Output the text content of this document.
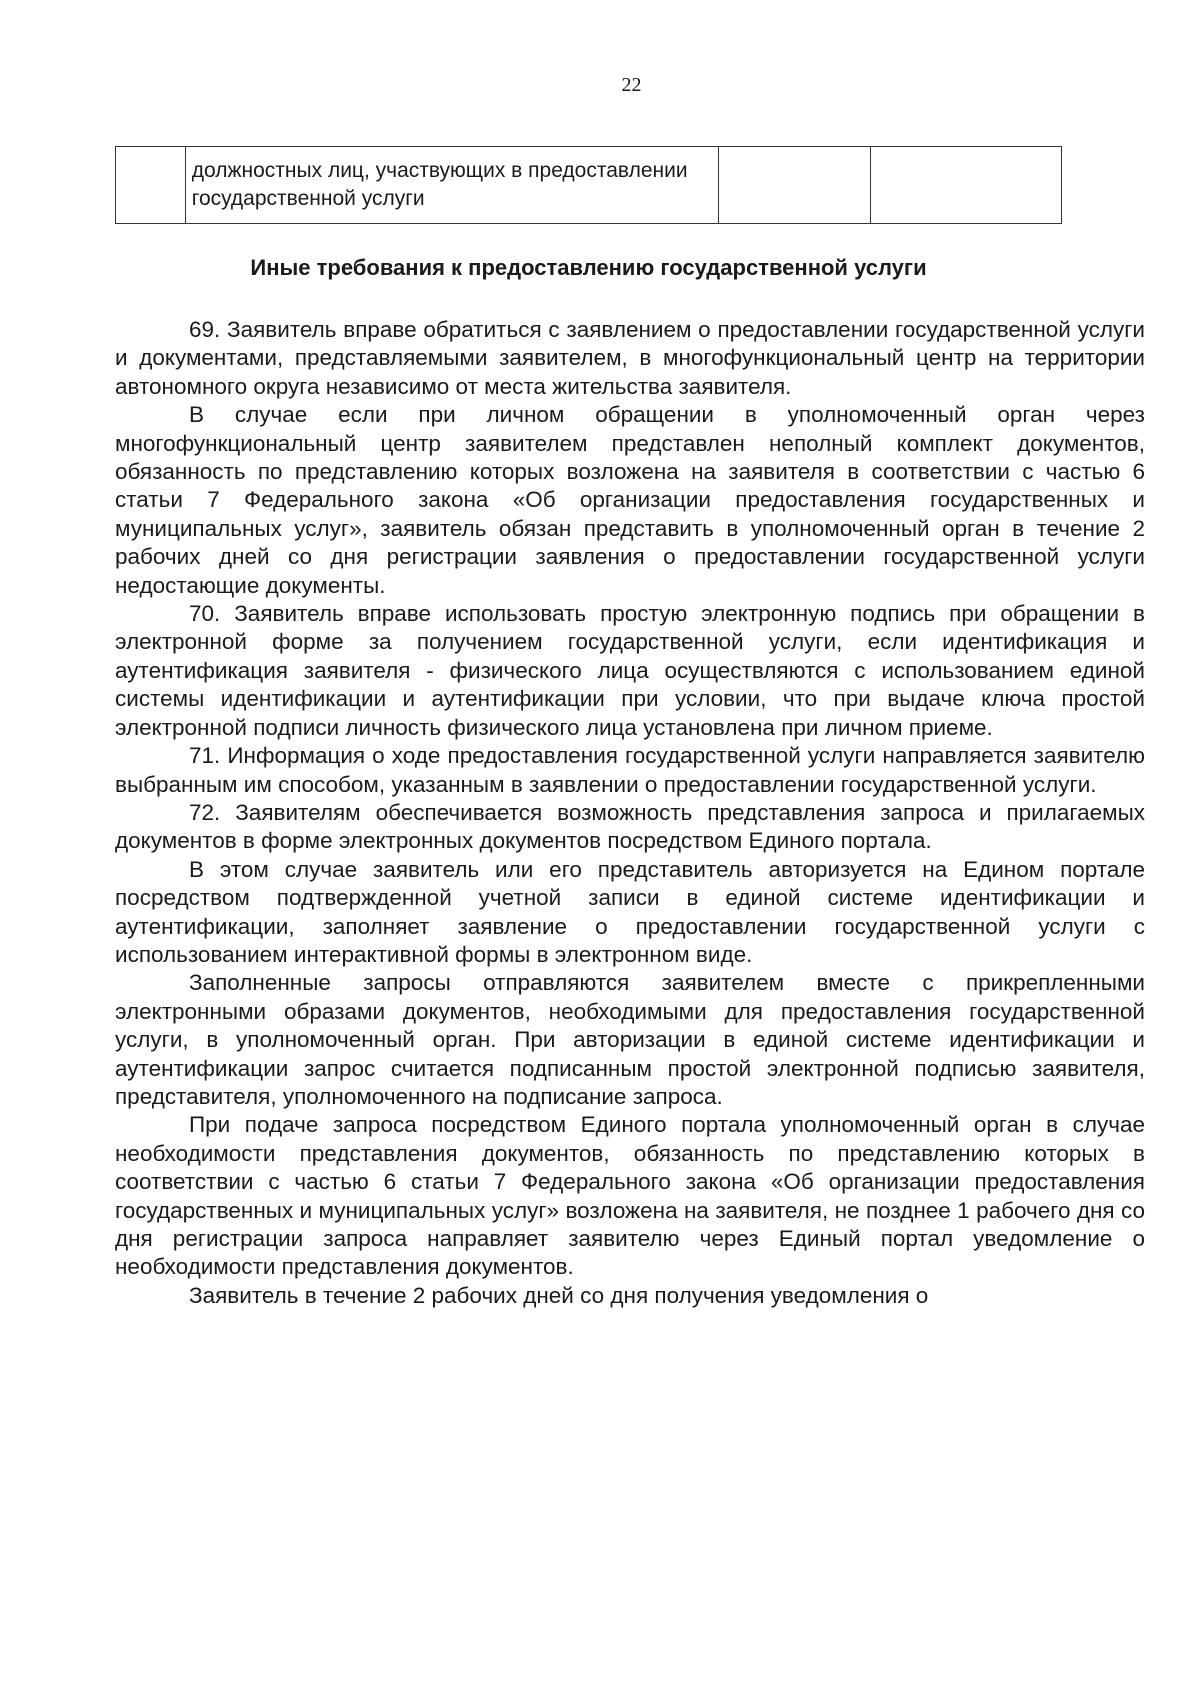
22
	должностных лиц, участвующих в предоставлении государственной услуги		
Иные требования к предоставлению государственной услуги

69. Заявитель вправе обратиться с заявлением о предоставлении государственной услуги и документами, представляемыми заявителем, в многофункциональный центр на территории автономного округа независимо от места жительства заявителя.

В случае если при личном обращении в уполномоченный орган через многофункциональный центр заявителем представлен неполный комплект документов, обязанность по представлению которых возложена на заявителя в соответствии с частью 6 статьи 7 Федерального закона «Об организации предоставления государственных и муниципальных услуг», заявитель обязан представить в уполномоченный орган в течение 2 рабочих дней со дня регистрации заявления о предоставлении государственной услуги недостающие документы.

70. Заявитель вправе использовать простую электронную подпись при обращении в электронной форме за получением государственной услуги, если идентификация и аутентификация заявителя - физического лица осуществляются с использованием единой системы идентификации и аутентификации при условии, что при выдаче ключа простой электронной подписи личность физического лица установлена при личном приеме.

71. Информация о ходе предоставления государственной услуги направляется заявителю выбранным им способом, указанным в заявлении о предоставлении государственной услуги.

72. Заявителям обеспечивается возможность представления запроса и прилагаемых документов в форме электронных документов посредством Единого портала.

В этом случае заявитель или его представитель авторизуется на Едином портале посредством подтвержденной учетной записи в единой системе идентификации и аутентификации, заполняет заявление о предоставлении государственной услуги с использованием интерактивной формы в электронном виде.

Заполненные запросы отправляются заявителем вместе с прикрепленными электронными образами документов, необходимыми для предоставления государственной услуги, в уполномоченный орган. При авторизации в единой системе идентификации и аутентификации запрос считается подписанным простой электронной подписью заявителя, представителя, уполномоченного на подписание запроса.

При подаче запроса посредством Единого портала уполномоченный орган в случае необходимости представления документов, обязанность по представлению которых в соответствии с частью 6 статьи 7 Федерального закона «Об организации предоставления государственных и муниципальных услуг» возложена на заявителя, не позднее 1 рабочего дня со дня регистрации запроса направляет заявителю через Единый портал уведомление о необходимости представления документов.

Заявитель в течение 2 рабочих дней со дня получения уведомления о
